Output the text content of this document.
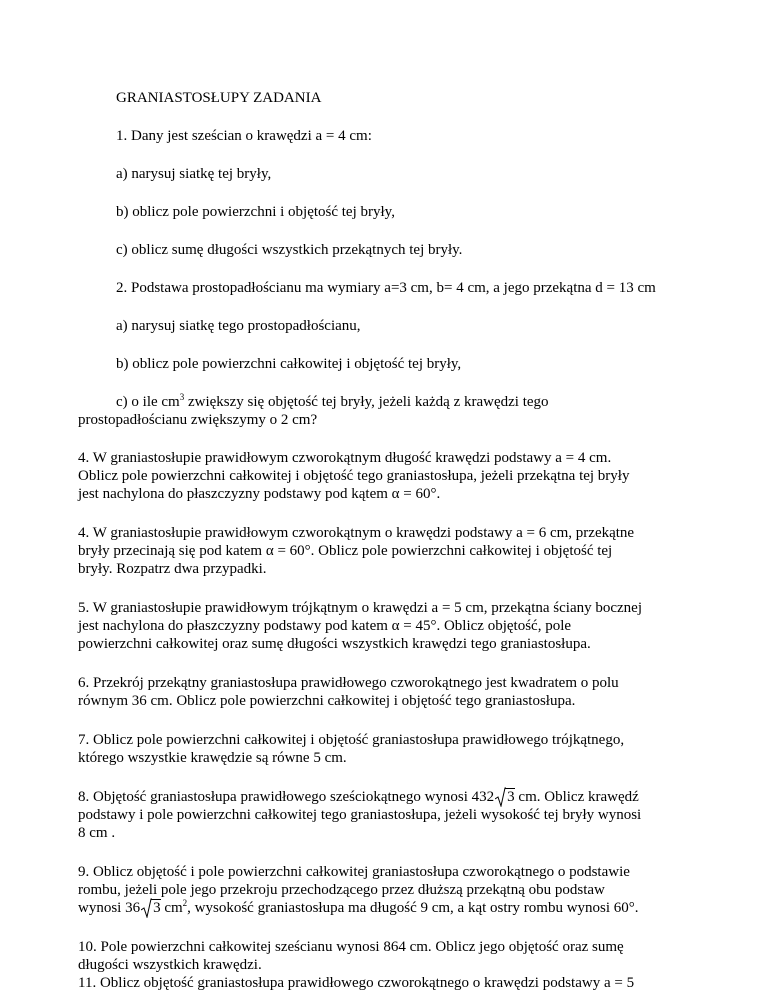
GRANIASTOSŁUPY ZADANIA
1. Dany jest sześcian o krawędzi a = 4 cm:
a) narysuj siatkę tej bryły,
b) oblicz pole powierzchni i objętość tej bryły,
c) oblicz sumę długości wszystkich przekątnych tej bryły.
2. Podstawa prostopadłościanu ma wymiary a=3 cm, b= 4 cm, a jego przekątna d = 13 cm
a) narysuj siatkę tego prostopadłościanu,
b) oblicz pole powierzchni całkowitej i objętość tej bryły,
c) o ile $cm^3$ zwiększy się objętość tej bryły, jeżeli każdą z krawędzi tego
prostopadłościanu zwiększymy o 2 cm?
4. W graniastosłupie prawidłowym czworokątnym długość krawędzi podstawy a = 4 cm.
Oblicz pole powierzchni całkowitej i objętość tego graniastosłupa, jeżeli przekątna tej bryły
jest nachylona do płaszczyzny podstawy pod kątem α = 60°.
4. W graniastosłupie prawidłowym czworokątnym o krawędzi podstawy a = 6 cm, przekątne
bryły przecinają się pod katem α = 60°. Oblicz pole powierzchni całkowitej i objętość tej
bryły. Rozpatrz dwa przypadki.
5. W graniastosłupie prawidłowym trójkątnym o krawędzi a = 5 cm, przekątna ściany bocznej
jest nachylona do płaszczyzny podstawy pod katem α = 45°. Oblicz objętość, pole
powierzchni całkowitej oraz sumę długości wszystkich krawędzi tego graniastosłupa.
6. Przekrój przekątny graniastosłupa prawidłowego czworokątnego jest kwadratem o polu
równym 36 cm. Oblicz pole powierzchni całkowitej i objętość tego graniastosłupa.
7. Oblicz pole powierzchni całkowitej i objętość graniastosłupa prawidłowego trójkątnego,
którego wszystkie krawędzie są równe 5 cm.
8. Objętość graniastosłupa prawidłowego sześciokątnego wynosi 432 3 cm. Oblicz krawędź
podstawy i pole powierzchni całkowitej tego graniastosłupa, jeżeli wysokość tej bryły wynosi
8 cm .
9. Oblicz objętość i pole powierzchni całkowitej graniastosłupa czworokątnego o podstawie
rombu, jeżeli pole jego przekroju przechodzącego przez dłuższą przekątną obu podstaw
wynosi 36 3 $cm^2$, wysokość graniastosłupa ma długość 9 cm, a kąt ostry rombu wynosi 60°.
10. Pole powierzchni całkowitej sześcianu wynosi 864 cm. Oblicz jego objętość oraz sumę
długości wszystkich krawędzi.
11. Oblicz objętość graniastosłupa prawidłowego czworokątnego o krawędzi podstawy a = 5
